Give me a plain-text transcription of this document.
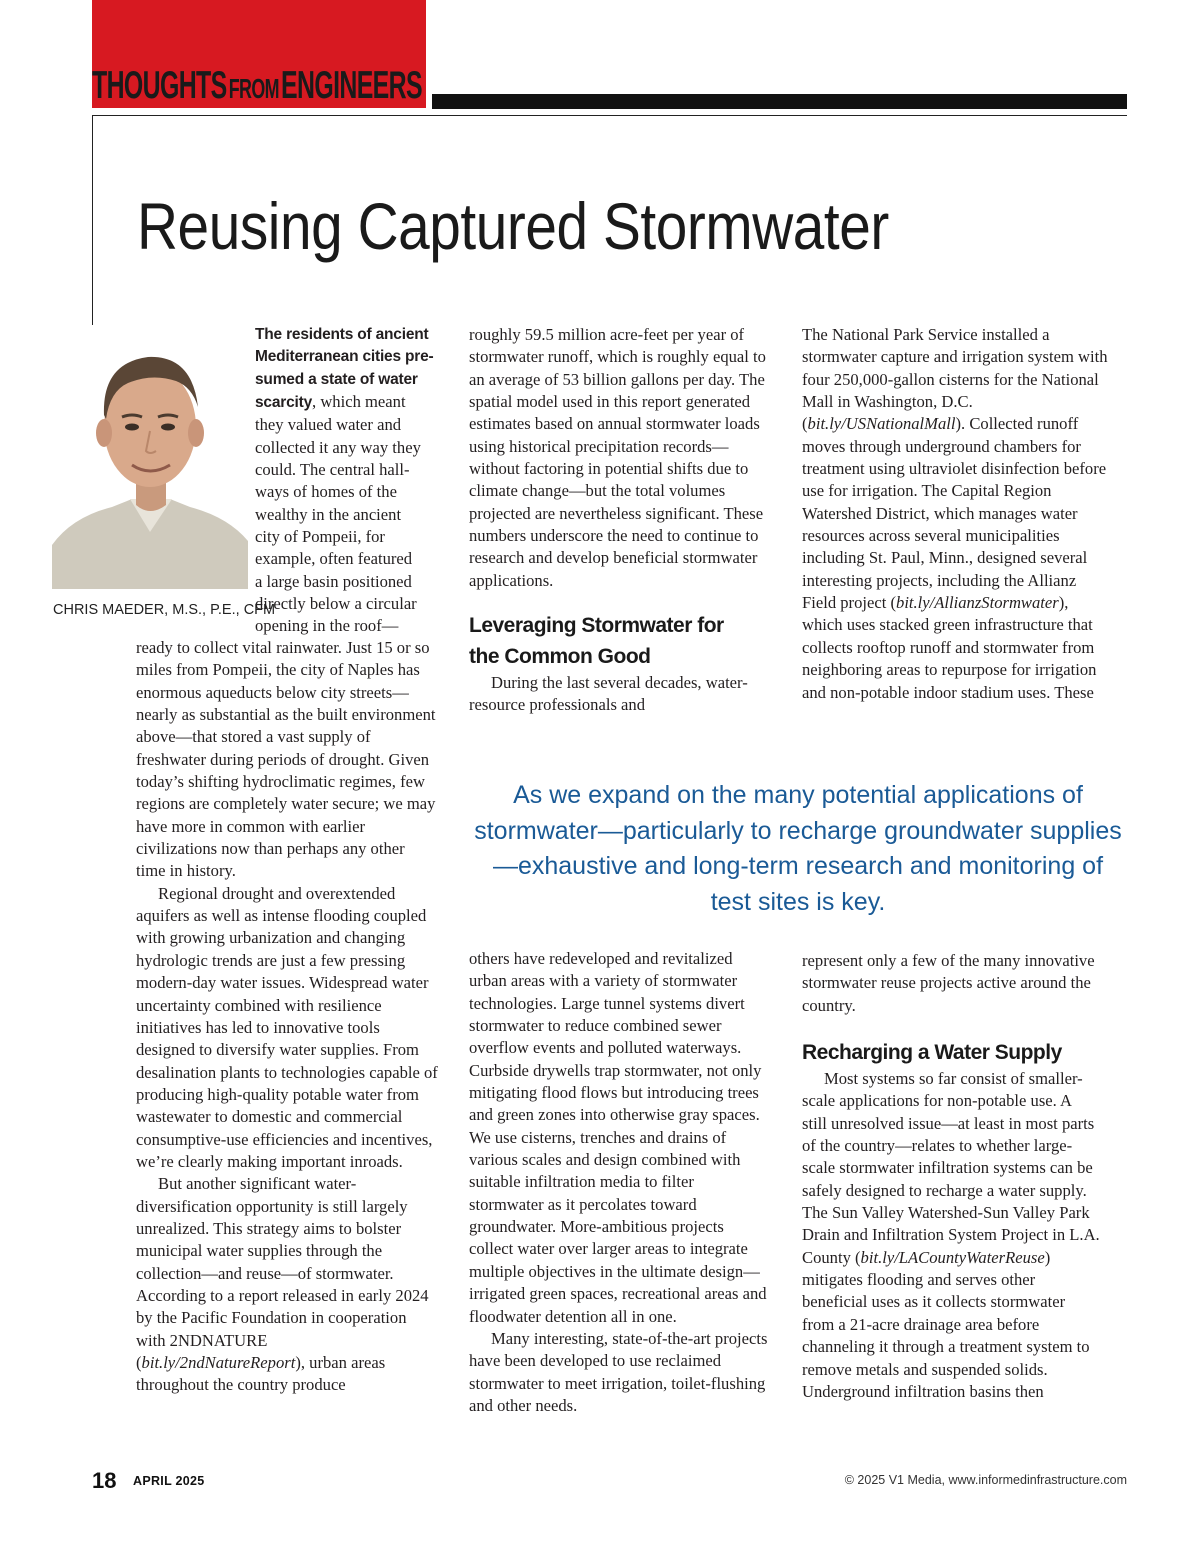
THOUGHTS FROM ENGINEERS
Reusing Captured Stormwater
CHRIS MAEDER, M.S., P.E., CFM
The residents of ancient
Mediterranean cities pre-
sumed a state of water
scarcity, which meant
they valued water and
collected it any way they
could. The central hall-
ways of homes of the
wealthy in the ancient
city of Pompeii, for
example, often featured
a large basin positioned
directly below a circular
opening in the roof—

ready to collect vital rainwater. Just 15 or so miles from Pompeii, the city of Naples has enormous aqueducts below city streets—nearly as substantial as the built environment above—that stored a vast supply of freshwater during periods of drought. Given today’s shifting hydroclimatic regimes, few regions are completely water secure; we may have more in common with earlier civilizations now than perhaps any other time in history.

Regional drought and overextended aquifers as well as intense flooding coupled with growing urbanization and changing hydrologic trends are just a few pressing modern-day water issues. Widespread water uncertainty combined with resilience initiatives has led to innovative tools designed to diversify water supplies. From desalination plants to technologies capable of producing high-quality potable water from wastewater to domestic and commercial consumptive-use efficiencies and incentives, we’re clearly making important inroads.

But another significant water-diversification opportunity is still largely unrealized. This strategy aims to bolster municipal water supplies through the collection—and reuse—of stormwater. According to a report released in early 2024 by the Pacific Foundation in cooperation with 2NDNATURE (bit.ly/2ndNatureReport), urban areas throughout the country produce

roughly 59.5 million acre-feet per year of stormwater runoff, which is roughly equal to an average of 53 billion gallons per day. The spatial model used in this report generated estimates based on annual stormwater loads using historical precipitation records—without factoring in potential shifts due to climate change—but the total volumes projected are nevertheless significant. These numbers underscore the need to continue to research and develop beneficial stormwater applications.

Leveraging Stormwater for
the Common Good

During the last several decades, water-resource professionals and

others have redeveloped and revitalized urban areas with a variety of stormwater technologies. Large tunnel systems divert stormwater to reduce combined sewer overflow events and polluted waterways. Curbside drywells trap stormwater, not only mitigating flood flows but introducing trees and green zones into otherwise gray spaces. We use cisterns, trenches and drains of various scales and design combined with suitable infiltration media to filter stormwater as it percolates toward groundwater. More-ambitious projects collect water over larger areas to integrate multiple objectives in the ultimate design—irrigated green spaces, recreational areas and floodwater detention all in one.

Many interesting, state-of-the-art projects have been developed to use reclaimed stormwater to meet irrigation, toilet-flushing and other needs.

The National Park Service installed a stormwater capture and irrigation system with four 250,000-gallon cisterns for the National Mall in Washington, D.C. (bit.ly/USNationalMall). Collected runoff moves through underground chambers for treatment using ultraviolet disinfection before use for irrigation. The Capital Region Watershed District, which manages water resources across several municipalities including St. Paul, Minn., designed several interesting projects, including the Allianz Field project (bit.ly/AllianzStormwater), which uses stacked green infrastructure that collects rooftop runoff and stormwater from neighboring areas to repurpose for irrigation and non-potable indoor stadium uses. These

represent only a few of the many innovative stormwater reuse projects active around the country.

Recharging a Water Supply

Most systems so far consist of smaller-scale applications for non-potable use. A still unresolved issue—at least in most parts of the country—relates to whether large-scale stormwater infiltration systems can be safely designed to recharge a water supply. The Sun Valley Watershed-Sun Valley Park Drain and Infiltration System Project in L.A. County (bit.ly/LACountyWaterReuse) mitigates flooding and serves other beneficial uses as it collects stormwater from a 21-acre drainage area before channeling it through a treatment system to remove metals and suspended solids. Underground infiltration basins then

As we expand on the many potential applications of stormwater—particularly to recharge groundwater supplies—exhaustive and long-term research and monitoring of test sites is key.
18 APRIL 2025	© 2025 V1 Media, www.informedinfrastructure.com
